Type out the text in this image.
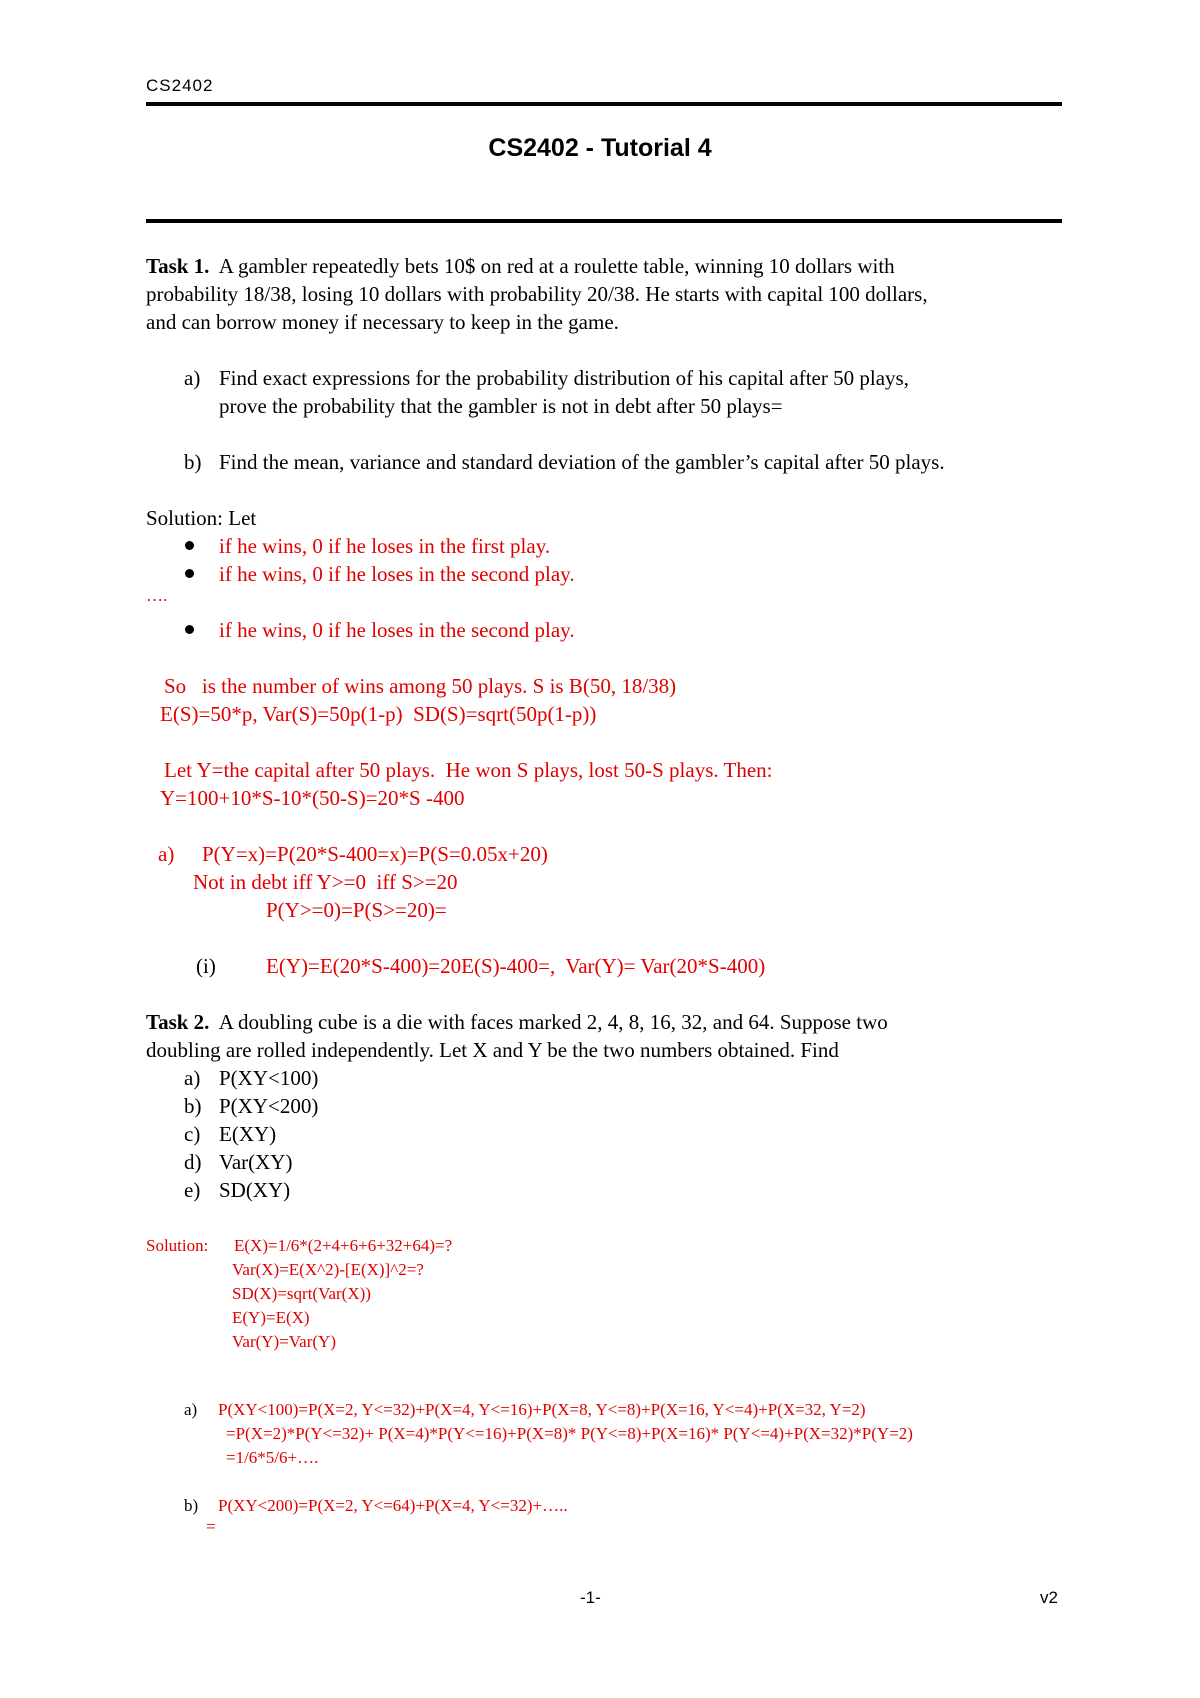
CS2402
CS2402 - Tutorial 4
Task 1. A gambler repeatedly bets 10$ on red at a roulette table, winning 10 dollars with
probability 18/38, losing 10 dollars with probability 20/38. He starts with capital 100 dollars,
and can borrow money if necessary to keep in the game.
a) Find exact expressions for the probability distribution of his capital after 50 plays,
prove the probability that the gambler is not in debt after 50 plays=
b) Find the mean, variance and standard deviation of the gambler’s capital after 50 plays.
Solution: Let
if he wins, 0 if he loses in the first play.
if he wins, 0 if he loses in the second play.
….
if he wins, 0 if he loses in the second play.
So   is the number of wins among 50 plays. S is B(50, 18/38)
E(S)=50*p, Var(S)=50p(1-p)  SD(S)=sqrt(50p(1-p))
Let Y=the capital after 50 plays.  He won S plays, lost 50-S plays. Then:
Y=100+10*S-10*(50-S)=20*S -400
a) P(Y=x)=P(20*S-400=x)=P(S=0.05x+20)
Not in debt iff Y>=0  iff S>=20
P(Y>=0)=P(S>=20)=
(i) E(Y)=E(20*S-400)=20E(S)-400=,  Var(Y)= Var(20*S-400)
Task 2. A doubling cube is a die with faces marked 2, 4, 8, 16, 32, and 64. Suppose two
doubling are rolled independently. Let X and Y be the two numbers obtained. Find
a) P(XY<100)
b) P(XY<200)
c) E(XY)
d) Var(XY)
e) SD(XY)
Solution: E(X)=1/6*(2+4+6+6+32+64)=?
Var(X)=E(X^2)-[E(X)]^2=?
SD(X)=sqrt(Var(X))
E(Y)=E(X)
Var(Y)=Var(Y)
a) P(XY<100)=P(X=2, Y<=32)+P(X=4, Y<=16)+P(X=8, Y<=8)+P(X=16, Y<=4)+P(X=32, Y=2)
=P(X=2)*P(Y<=32)+ P(X=4)*P(Y<=16)+P(X=8)* P(Y<=8)+P(X=16)* P(Y<=4)+P(X=32)*P(Y=2)
=1/6*5/6+….
b) P(XY<200)=P(X=2, Y<=64)+P(X=4, Y<=32)+…..
=
-1-	v2
